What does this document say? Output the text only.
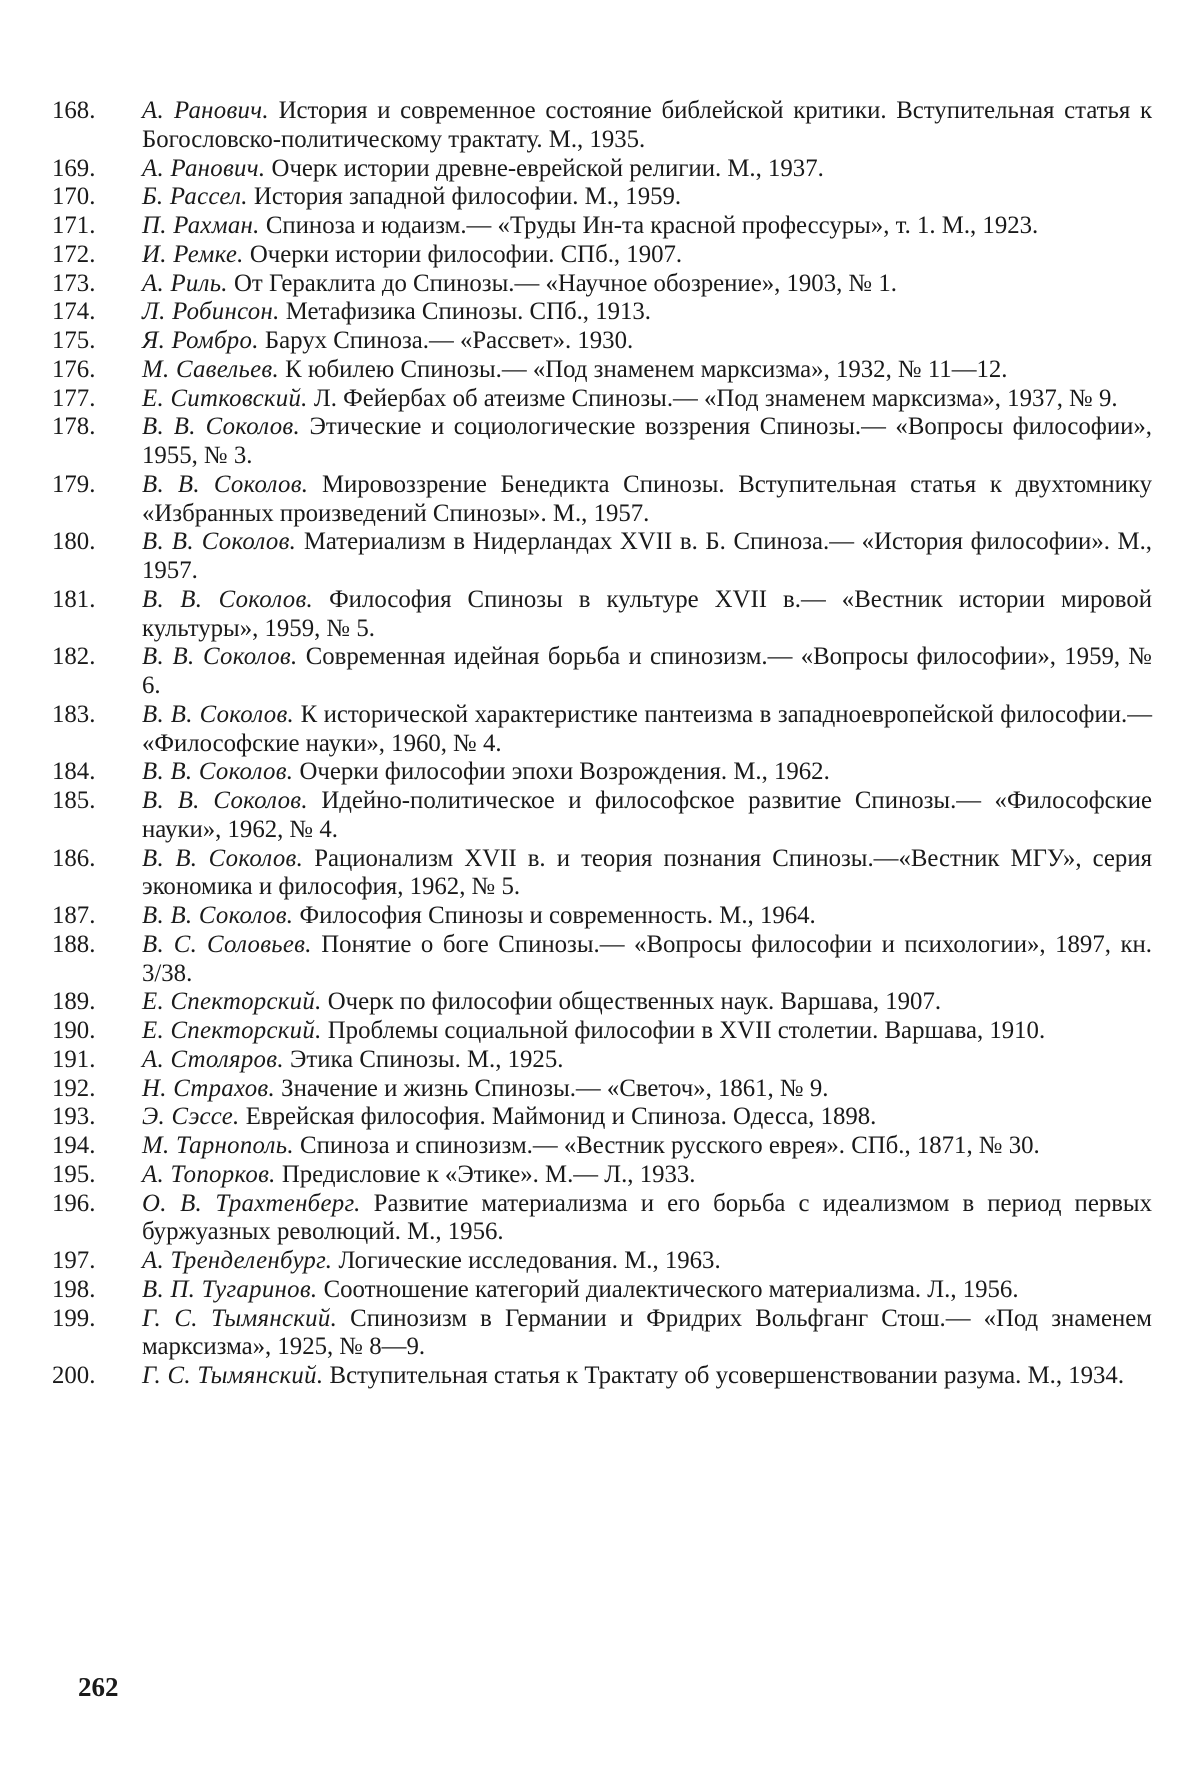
168.	А. Ранович. История и современное состояние библейской критики. Вступительная статья к Богословско-политическому трактату. М., 1935.
169.	А. Ранович. Очерк истории древне-еврейской религии. М., 1937.
170.	Б. Рассел. История западной философии. М., 1959.
171.	П. Рахман. Спиноза и юдаизм.— «Труды Ин-та красной профессуры», т. 1. М., 1923.
172.	И. Ремке. Очерки истории философии. СПб., 1907.
173.	А. Риль. От Гераклита до Спинозы.— «Научное обозрение», 1903, № 1.
174.	Л. Робинсон. Метафизика Спинозы. СПб., 1913.
175.	Я. Ромбро. Барух Спиноза.— «Рассвет». 1930.
176.	М. Савельев. К юбилею Спинозы.— «Под знаменем марксизма», 1932, № 11—12.
177.	Е. Ситковский. Л. Фейербах об атеизме Спинозы.— «Под знаменем марксизма», 1937, № 9.
178.	В. В. Соколов. Этические и социологические воззрения Спинозы.— «Вопросы философии», 1955, № 3.
179.	В. В. Соколов. Мировоззрение Бенедикта Спинозы. Вступительная статья к двухтомнику «Избранных произведений Спинозы». М., 1957.
180.	В. В. Соколов. Материализм в Нидерландах XVII в. Б. Спиноза.— «История философии». М., 1957.
181.	В. В. Соколов. Философия Спинозы в культуре XVII в.— «Вестник истории мировой культуры», 1959, № 5.
182.	В. В. Соколов. Современная идейная борьба и спинозизм.— «Вопросы философии», 1959, № 6.
183.	В. В. Соколов. К исторической характеристике пантеизма в западноевропейской философии.— «Философские науки», 1960, № 4.
184.	В. В. Соколов. Очерки философии эпохи Возрождения. М., 1962.
185.	В. В. Соколов. Идейно-политическое и философское развитие Спинозы.— «Философские науки», 1962, № 4.
186.	В. В. Соколов. Рационализм XVII в. и теория познания Спинозы.—«Вестник МГУ», серия экономика и философия, 1962, № 5.
187.	В. В. Соколов. Философия Спинозы и современность. М., 1964.
188.	В. С. Соловьев. Понятие о боге Спинозы.— «Вопросы философии и психологии», 1897, кн. 3/38.
189.	Е. Спекторский. Очерк по философии общественных наук. Варшава, 1907.
190.	Е. Спекторский. Проблемы социальной философии в XVII столетии. Варшава, 1910.
191.	А. Столяров. Этика Спинозы. М., 1925.
192.	Н. Страхов. Значение и жизнь Спинозы.— «Светоч», 1861, № 9.
193.	Э. Сэссе. Еврейская философия. Маймонид и Спиноза. Одесса, 1898.
194.	М. Тарнополь. Спиноза и спинозизм.— «Вестник русского еврея». СПб., 1871, № 30.
195.	А. Топорков. Предисловие к «Этике». М.— Л., 1933.
196.	О. В. Трахтенберг. Развитие материализма и его борьба с идеализмом в период первых буржуазных революций. М., 1956.
197.	А. Тренделенбург. Логические исследования. М., 1963.
198.	В. П. Тугаринов. Соотношение категорий диалектического материализма. Л., 1956.
199.	Г. С. Тымянский. Спинозизм в Германии и Фридрих Вольфганг Стош.— «Под знаменем марксизма», 1925, № 8—9.
200.	Г. С. Тымянский. Вступительная статья к Трактату об усовершенствовании разума. М., 1934.
262
